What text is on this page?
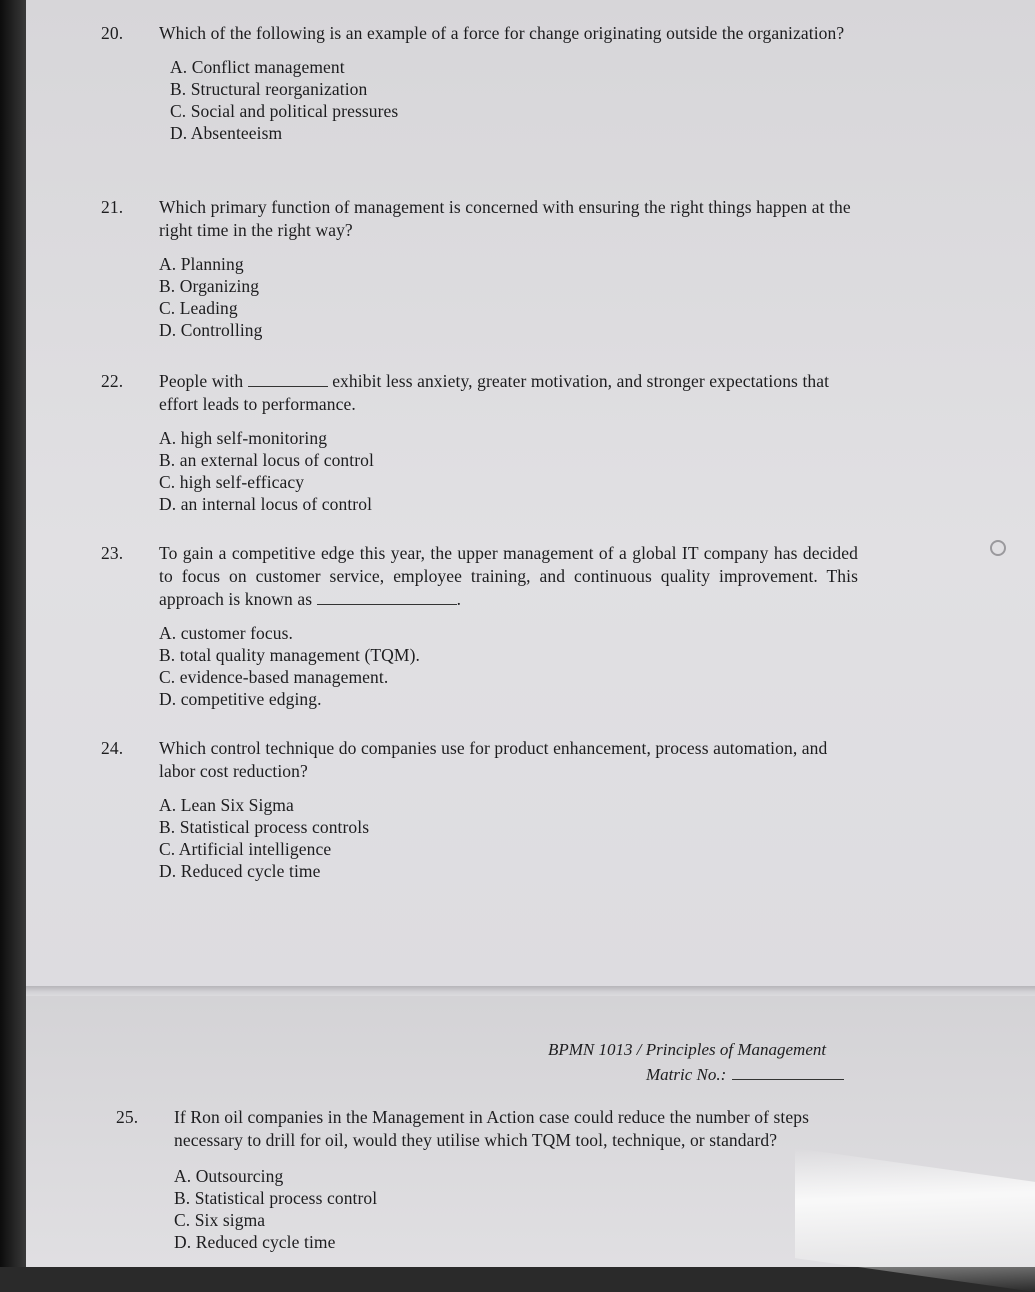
20. Which of the following is an example of a force for change originating outside the organization?
A. Conflict management
B. Structural reorganization
C. Social and political pressures
D. Absenteeism
21. Which primary function of management is concerned with ensuring the right things happen at the right time in the right way?
A. Planning
B. Organizing
C. Leading
D. Controlling
22. People with	exhibit less anxiety, greater motivation, and stronger expectations that effort leads to performance.
A. high self-monitoring
B. an external locus of control
C. high self-efficacy
D. an internal locus of control
23. To gain a competitive edge this year, the upper management of a global IT company has decided to focus on customer service, employee training, and continuous quality improvement. This approach is known as	.
A. customer focus.
B. total quality management (TQM).
C. evidence-based management.
D. competitive edging.
24. Which control technique do companies use for product enhancement, process automation, and labor cost reduction?
A. Lean Six Sigma
B. Statistical process controls
C. Artificial intelligence
D. Reduced cycle time
BPMN 1013 / Principles of Management
Matric No.:
25. If Ron oil companies in the Management in Action case could reduce the number of steps necessary to drill for oil, would they utilise which TQM tool, technique, or standard?
A. Outsourcing
B. Statistical process control
C. Six sigma
D. Reduced cycle time
